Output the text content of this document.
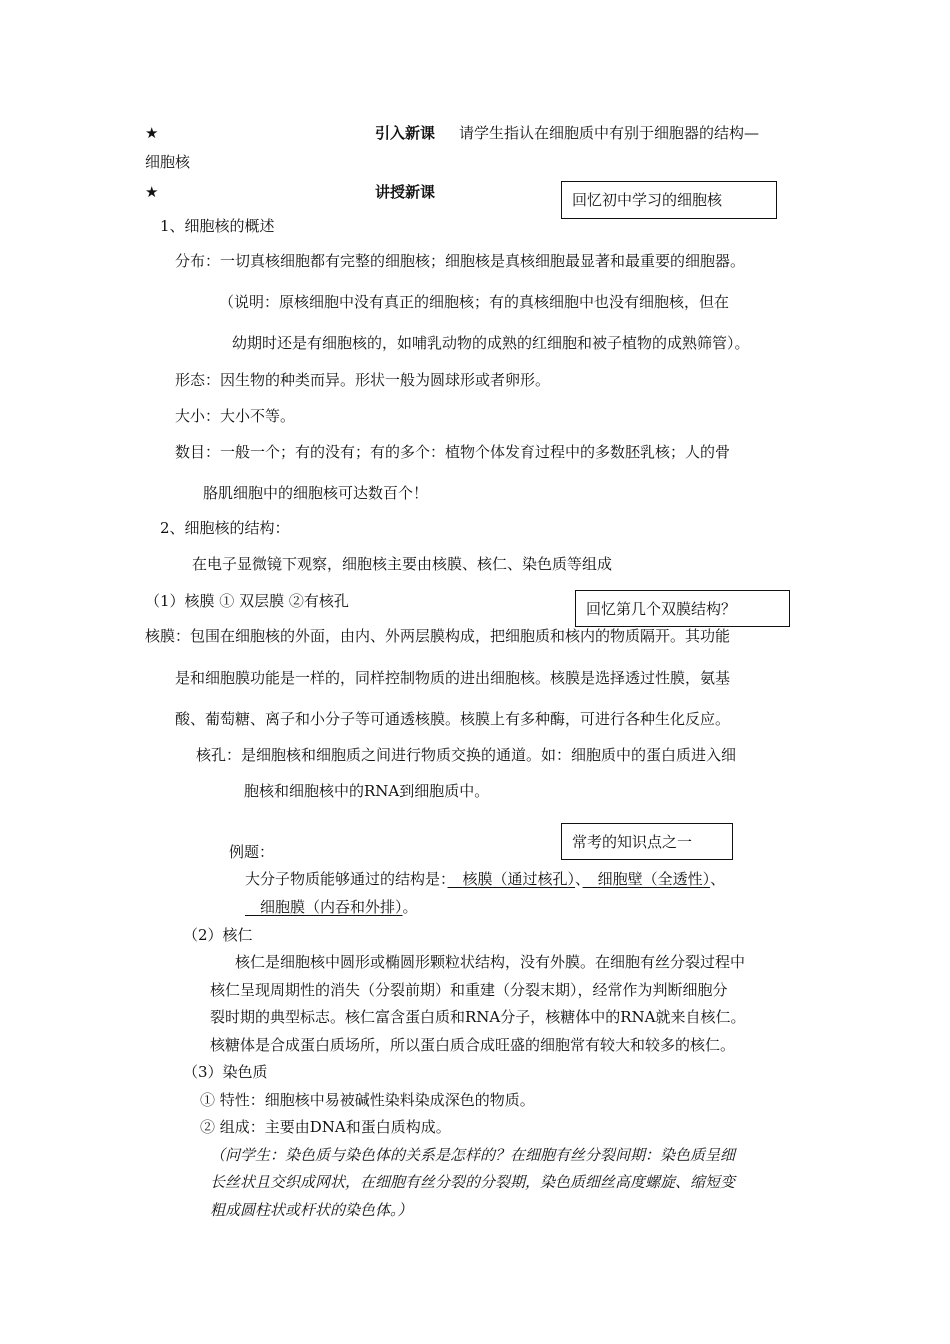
★	引入新课 请学生指认在细胞质中有别于细胞器的结构—
细胞核
★	讲授新课	回忆初中学习的细胞核
1、细胞核的概述
分布：一切真核细胞都有完整的细胞核；细胞核是真核细胞最显著和最重要的细胞器。
（说明：原核细胞中没有真正的细胞核；有的真核细胞中也没有细胞核，但在
幼期时还是有细胞核的，如哺乳动物的成熟的红细胞和被子植物的成熟筛管）。
形态：因生物的种类而异。形状一般为圆球形或者卵形。
大小：大小不等。
数目：一般一个；有的没有；有的多个：植物个体发育过程中的多数胚乳核；人的骨
胳肌细胞中的细胞核可达数百个！
2、细胞核的结构：
在电子显微镜下观察，细胞核主要由核膜、核仁、染色质等组成
（1）核膜 ① 双层膜 ②有核孔	回忆第几个双膜结构？
核膜：包围在细胞核的外面，由内、外两层膜构成，把细胞质和核内的物质隔开。其功能
是和细胞膜功能是一样的，同样控制物质的进出细胞核。核膜是选择透过性膜，氨基
酸、葡萄糖、离子和小分子等可通透核膜。核膜上有多种酶，可进行各种生化反应。
核孔：是细胞核和细胞质之间进行物质交换的通道。如：细胞质中的蛋白质进入细
胞核和细胞核中的RNA到细胞质中。
常考的知识点之一
例题：
大分子物质能够通过的结构是：　 核膜（通过核孔）、　 细胞壁（全透性）、
　细胞膜（内吞和外排）。
（2）核仁
核仁是细胞核中圆形或椭圆形颗粒状结构，没有外膜。在细胞有丝分裂过程中
核仁呈现周期性的消失（分裂前期）和重建（分裂末期），经常作为判断细胞分
裂时期的典型标志。核仁富含蛋白质和RNA分子，核糖体中的RNA就来自核仁。
核糖体是合成蛋白质场所，所以蛋白质合成旺盛的细胞常有较大和较多的核仁。
（3）染色质
① 特性：细胞核中易被碱性染料染成深色的物质。
② 组成：主要由DNA和蛋白质构成。
（问学生：染色质与染色体的关系是怎样的？在细胞有丝分裂间期：染色质呈细
长丝状且交织成网状，在细胞有丝分裂的分裂期，染色质细丝高度螺旋、缩短变
粗成圆柱状或杆状的染色体。）
